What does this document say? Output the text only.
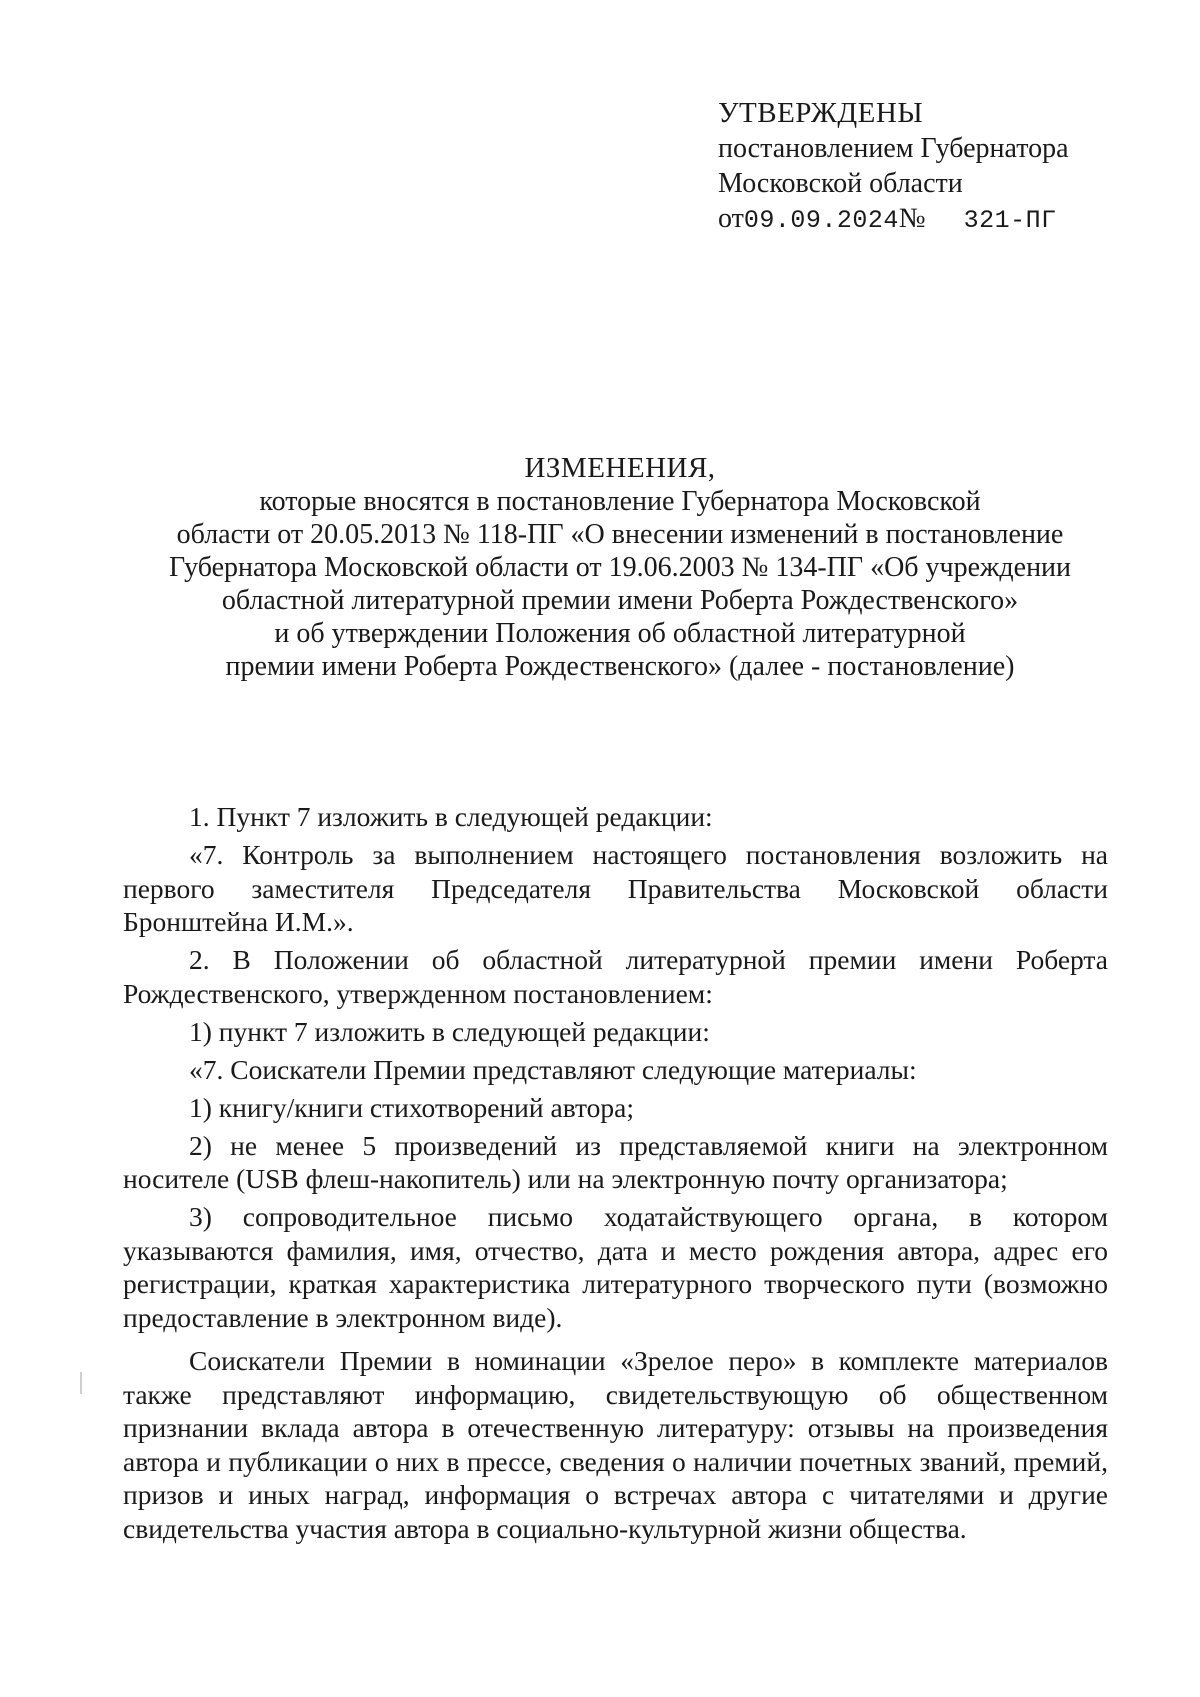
УТВЕРЖДЕНЫ
постановлением Губернатора
Московской области
от09.09.2024№ 321-ПГ
ИЗМЕНЕНИЯ,
которые вносятся в постановление Губернатора Московской
области от 20.05.2013 № 118-ПГ «О внесении изменений в постановление
Губернатора Московской области от 19.06.2003 № 134-ПГ «Об учреждении
областной литературной премии имени Роберта Рождественского»
и об утверждении Положения об областной литературной
премии имени Роберта Рождественского» (далее - постановление)

1. Пункт 7 изложить в следующей редакции:

«7. Контроль за выполнением настоящего постановления возложить на первого заместителя Председателя Правительства Московской области Бронштейна И.М.».

2. В Положении об областной литературной премии имени Роберта Рождественского, утвержденном постановлением:

1) пункт 7 изложить в следующей редакции:

«7. Соискатели Премии представляют следующие материалы:

1) книгу/книги стихотворений автора;

2) не менее 5 произведений из представляемой книги на электронном носителе (USB флеш-накопитель) или на электронную почту организатора;

3) сопроводительное письмо ходатайствующего органа, в котором указываются фамилия, имя, отчество, дата и место рождения автора, адрес его регистрации, краткая характеристика литературного творческого пути (возможно предоставление в электронном виде).

Соискатели Премии в номинации «Зрелое перо» в комплекте материалов также представляют информацию, свидетельствующую об общественном признании вклада автора в отечественную литературу: отзывы на произведения автора и публикации о них в прессе, сведения о наличии почетных званий, премий, призов и иных наград, информация о встречах автора с читателями и другие свидетельства участия автора в социально-культурной жизни общества.
